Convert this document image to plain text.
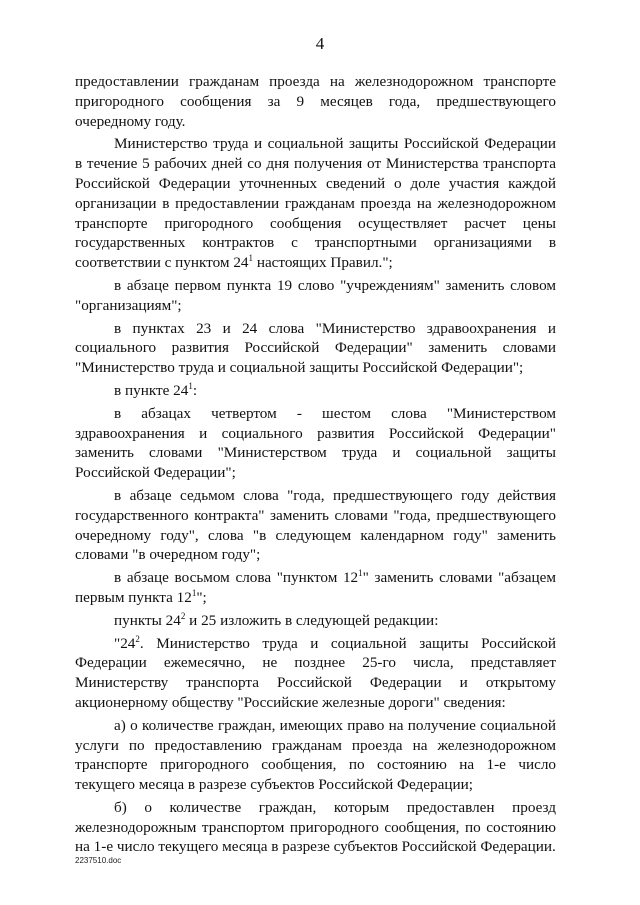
4

предоставлении гражданам проезда на железнодорожном транспорте пригородного сообщения за 9 месяцев года, предшествующего очередному году.

Министерство труда и социальной защиты Российской Федерации в течение 5 рабочих дней со дня получения от Министерства транспорта Российской Федерации уточненных сведений о доле участия каждой организации в предоставлении гражданам проезда на железнодорожном транспорте пригородного сообщения осуществляет расчет цены государственных контрактов с транспортными организациями в соответствии с пунктом $24^1$ настоящих Правил.";

в абзаце первом пункта 19 слово "учреждениям" заменить словом "организациям";

в пунктах 23 и 24 слова "Министерство здравоохранения и социального развития Российской Федерации" заменить словами "Министерство труда и социальной защиты Российской Федерации";

в пункте $24^1$:

в абзацах четвертом - шестом слова "Министерством здравоохранения и социального развития Российской Федерации" заменить словами "Министерством труда и социальной защиты Российской Федерации";

в абзаце седьмом слова "года, предшествующего году действия государственного контракта" заменить словами "года, предшествующего очередному году", слова "в следующем календарном году" заменить словами "в очередном году";

в абзаце восьмом слова "пунктом $12^1$" заменить словами "абзацем первым пункта $12^1$";

пункты $24^2$ и 25 изложить в следующей редакции:

"$24^2$. Министерство труда и социальной защиты Российской Федерации ежемесячно, не позднее 25-го числа, представляет Министерству транспорта Российской Федерации и открытому акционерному обществу "Российские железные дороги" сведения:

а) о количестве граждан, имеющих право на получение социальной услуги по предоставлению гражданам проезда на железнодорожном транспорте пригородного сообщения, по состоянию на 1-е число текущего месяца в разрезе субъектов Российской Федерации;

б) о количестве граждан, которым предоставлен проезд железнодорожным транспортом пригородного сообщения, по состоянию на 1-е число текущего месяца в разрезе субъектов Российской Федерации.

2237510.doc
